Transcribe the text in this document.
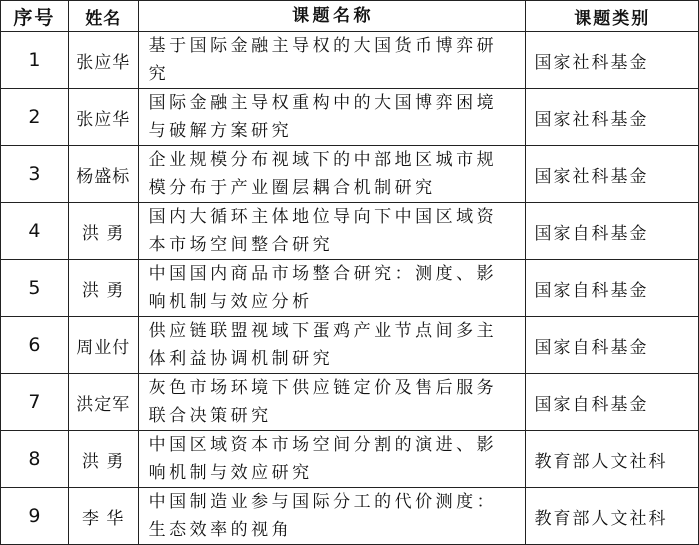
序号	姓名	课题名称	课题类别
1	张应华	基于国际金融主导权的大国货币博弈研究	国家社科基金
2	张应华	国际金融主导权重构中的大国博弈困境与破解方案研究	国家社科基金
3	杨盛标	企业规模分布视域下的中部地区城市规模分布于产业圈层耦合机制研究	国家社科基金
4	洪 勇	国内大循环主体地位导向下中国区域资本市场空间整合研究	国家自科基金
5	洪 勇	中国国内商品市场整合研究：测度、影响机制与效应分析	国家自科基金
6	周业付	供应链联盟视域下蛋鸡产业节点间多主体利益协调机制研究	国家自科基金
7	洪定军	灰色市场环境下供应链定价及售后服务联合决策研究	国家自科基金
8	洪 勇	中国区域资本市场空间分割的演进、影响机制与效应研究	教育部人文社科
9	李 华	中国制造业参与国际分工的代价测度：生态效率的视角	教育部人文社科
